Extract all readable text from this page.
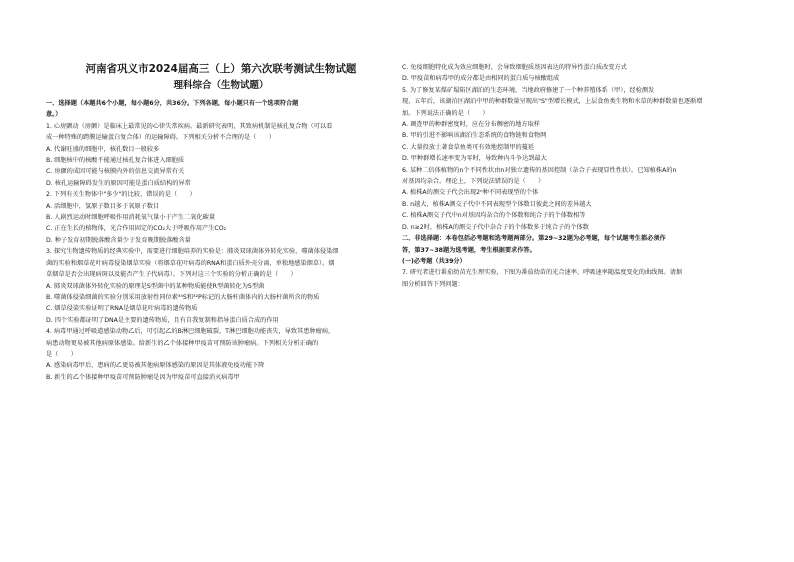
河南省巩义市2024届高三（上）第六次联考测试生物试题
理科综合（生物试题）
一、选择题（本题共6个小题，每小题6分，共36分。下列各题，每小题只有一个选项符合题
意。）
1. 心房颤动（房颤）是临床上最常见的心律失常疾病。最新研究表明，其致病机制是核孔复合物（可以看
成一种特殊的跨膜运输蛋白复合体）的运输障碍。下列相关分析不合理的是（　　）
A. 代谢旺盛的细胞中，核孔数目一般较多
B. 细胞核中的核酸不能通过核孔复合体进入细胞质
C. 房颤的成因可能与核膜内外的信息交流异常有关
D. 核孔运输障碍发生的原因可能是蛋白质结构的异常
2. 下列有关生物体中"多少"的比较，错误的是（　　）
A. 活细胞中，氢原子数目多于氧原子数目
B. 人剧烈运动时细胞呼吸作用消耗氧气量小于产生二氧化碳量
C. 正在生长的植物体，光合作用固定的CO₂大于呼吸作用产生CO₂
D. 种子发育初期脱落酸含量少于发育晚期脱落酸含量
3. 探究生物遗传物质的经典实验中，需要进行细胞培养的实验是：肺炎双球菌体外转化实验、噬菌体侵染细
菌的实验和烟草花叶病毒侵染烟草实验（将烟草花叶病毒的RNA和蛋白质外壳分离，单独地感染烟草）。烟
草烟草是否会出现病斑以及能否产生子代病毒）。下列对这三个实验的分析正确的是（　　）
A. 肺炎双球菌体外转化实验的原理是S型菌中的某种物质能使R型菌转化为S型菌
B. 噬菌体侵染细菌的实验分别采用放射性同位素³⁵S和³²P标记的大肠杆菌体内的大肠杆菌所含的物质
C. 烟草侵染实验证明了RNA是烟草花叶病毒的遗传物质
D. 四个实验都证明了DNA是主要的遗传物质，且有自我复制和指导蛋白质合成的作用
4. 病毒甲通过呼吸道感染动物乙后，可引起乙的B淋巴细胞破裂，T淋巴细胞功能丧失，导致其患肿瘤病，
病患动物更易被其他病原体感染。给新生的乙个体接种甲疫苗可预防该肿瘤病。下列相关分析正确的
是（　　）
A. 感染病毒甲后，患病的乙更易被其他病原体感染的原因是其体液免疫功能下降
B. 新生的乙个体接种甲疫苗可预防肿瘤是因为甲疫苗可直接消灭病毒甲
C. 免疫细胞特化成为效应细胞时，会导致细胞质基因表达的特异性蛋白质改变方式
D. 甲疫苗和病毒甲的成分都是由相同的蛋白质与核酸组成
5. 为了修复某煤矿塌陷区湖泊的生态环境，当地政府修建了一个种养殖体系（甲），经检测发
现，五年后，该湖泊区湖泊中甲的种群数量呈现出"S"型增长模式，上层食鱼类生物和水草的种群数量也逐渐增
加。下列说法正确的是（　　）
A. 调查甲的种群密度时，应在分布稠密的地方取样
B. 甲的引进不影响该湖泊生态系统的食物链和食物网
C. 大量投放土著食草鱼类可有效地控制甲的蔓延
D. 甲种群增长速率变为零时，导致种内斗争达到最大
6. 某种二倍体植物的n个不同性状由n对独立遗传的基因控制（杂合子表现显性性状）。已知植株A的n
对基因均杂合。理论上，下列说法错误的是（　　）
A. 植株A的测交子代会出现2ⁿ种不同表现型的个体
B. n越大，植株A测交子代中不同表现型个体数目彼此之间的差异越大
C. 植株A测交子代中n对基因均杂合的个体数和纯合子的个体数相等
D. n≥2时，植株A的测交子代中杂合子的个体数多于纯合子的个体数
二、非选择题：本卷包括必考题和选考题两部分。第29~32题为必考题，每个试题考生都必须作
答，第37~38题为选考题，考生根据要求作答。
(一)必考题（共39分）
7. 研究者进行番茄幼苗光生理实验，下图为番茄幼苗的光合速率、呼吸速率随温度变化的曲线图。请据
图分析回答下列问题：
